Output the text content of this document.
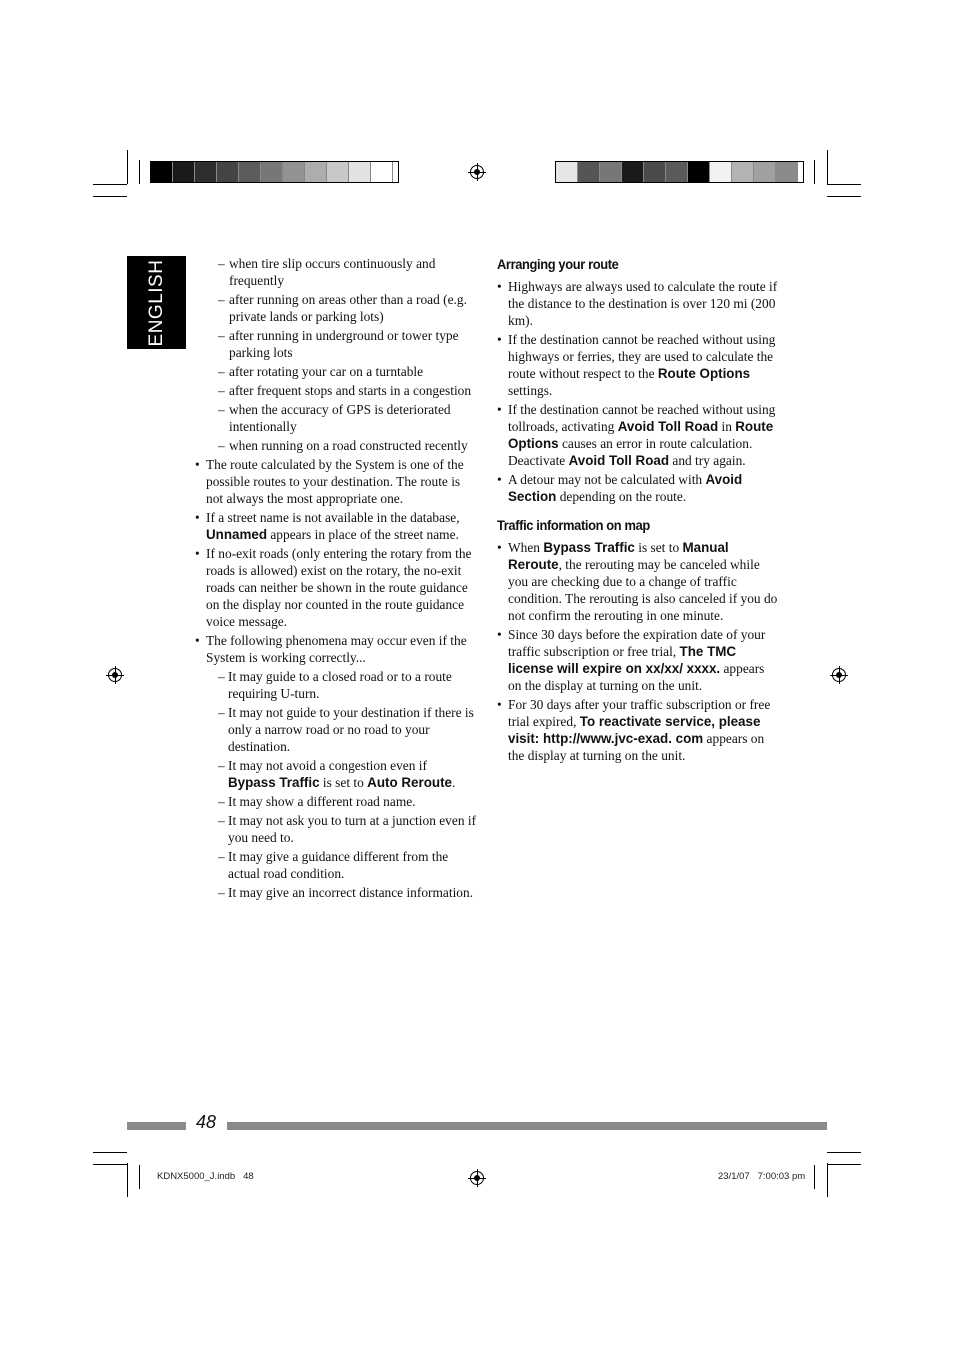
ENGLISH
–	when tire slip occurs continuously and frequently
– after running on areas other than a road (e.g. private lands or parking lots)
– after running in underground or tower type parking lots
– after rotating your car on a turntable
– after frequent stops and starts in a congestion
– when the accuracy of GPS is deteriorated intentionally
– when running on a road constructed recently
• The route calculated by the System is one of the possible routes to your destination. The route is not always the most appropriate one.
• If a street name is not available in the database, Unnamed appears in place of the street name.
• If no-exit roads (only entering the rotary from the roads is allowed) exist on the rotary, the no-exit roads can neither be shown in the route guidance on the display nor counted in the route guidance voice message.
• The following phenomena may occur even if the System is working correctly...
– It may guide to a closed road or to a route requiring U-turn.
– It may not guide to your destination if there is only a narrow road or no road to your destination.
– It may not avoid a congestion even if Bypass Traffic is set to Auto Reroute.
– It may show a different road name.
– It may not ask you to turn at a junction even if you need to.
– It may give a guidance different from the actual road condition.
– It may give an incorrect distance information.
Arranging your route
• Highways are always used to calculate the route if the distance to the destination is over 120 mi (200 km).
• If the destination cannot be reached without using highways or ferries, they are used to calculate the route without respect to the Route Options settings.
• If the destination cannot be reached without using tollroads, activating Avoid Toll Road in Route Options causes an error in route calculation. Deactivate Avoid Toll Road and try again.
• A detour may not be calculated with Avoid Section depending on the route.
Traffic information on map
• When Bypass Traffic is set to Manual Reroute, the rerouting may be canceled while you are checking due to a change of traffic condition. The rerouting is also canceled if you do not confirm the rerouting in one minute.
• Since 30 days before the expiration date of your traffic subscription or free trial, The TMC license will expire on xx/xx/ xxxx. appears on the display at turning on the unit.
• For 30 days after your traffic subscription or free trial expired, To reactivate service, please visit: http://www.jvc-exad. com appears on the display at turning on the unit.
48
KDNX5000_J.indb   48	23/1/07   7:00:03 pm
